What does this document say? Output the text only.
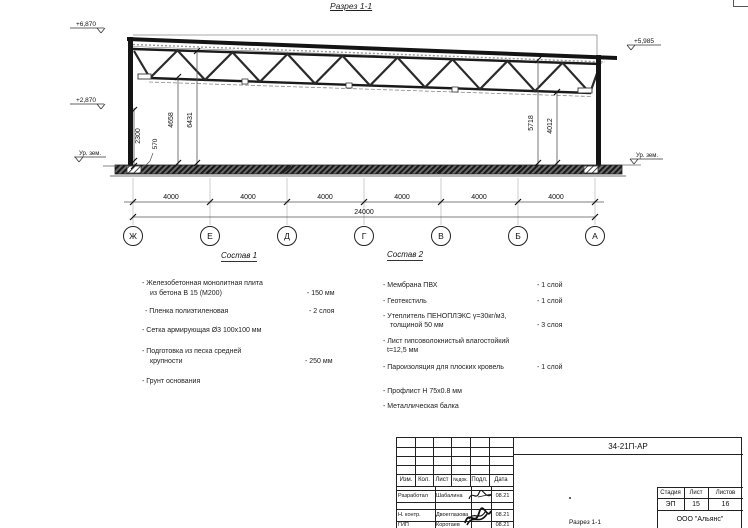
Разрез 1-1
+6,870
+2,870
+5,985
Ур. зем.	Ур. зем.
2300
570
4658 6431	5718 4012
4000	4000	4000	4000	4000	4000
24000
Ж	Е	Д	Г	В	Б	А
Состав 1
- Железобетонная монолитная плита
из бетона В 15 (М200)	- 150 мм
- Пленка полиэтиленовая	- 2 слоя
- Сетка армирующая Ø3 100х100 мм
- Подготовка из песка средней
крупности	- 250 мм
- Грунт основания
Состав 2
- Мембрана ПВХ	- 1 слой
- Геотекстиль	- 1 слой
- Утеплитель ПЕНОПЛЭКС γ=30кг/м3,
толщиной 50 мм	- 3 слоя
- Лист гипсоволокнистый влагостойкий
t=12,5 мм
- Пароизоляция для плоских кровель	- 1 слой
- Профлист Н 75х0.8 мм
- Металлическая балка
Изм. Кол. Лист №док. Подл.	Дата
Разработал	Шабалина	08.21
Н. контр.	Двоеглазова	08.21
ГИП	Коротаев	08.21
34-21П-АР
Разрез 1-1
Стадия	Лист	Листов
ЭП	15	16
ООО "Альянс"
